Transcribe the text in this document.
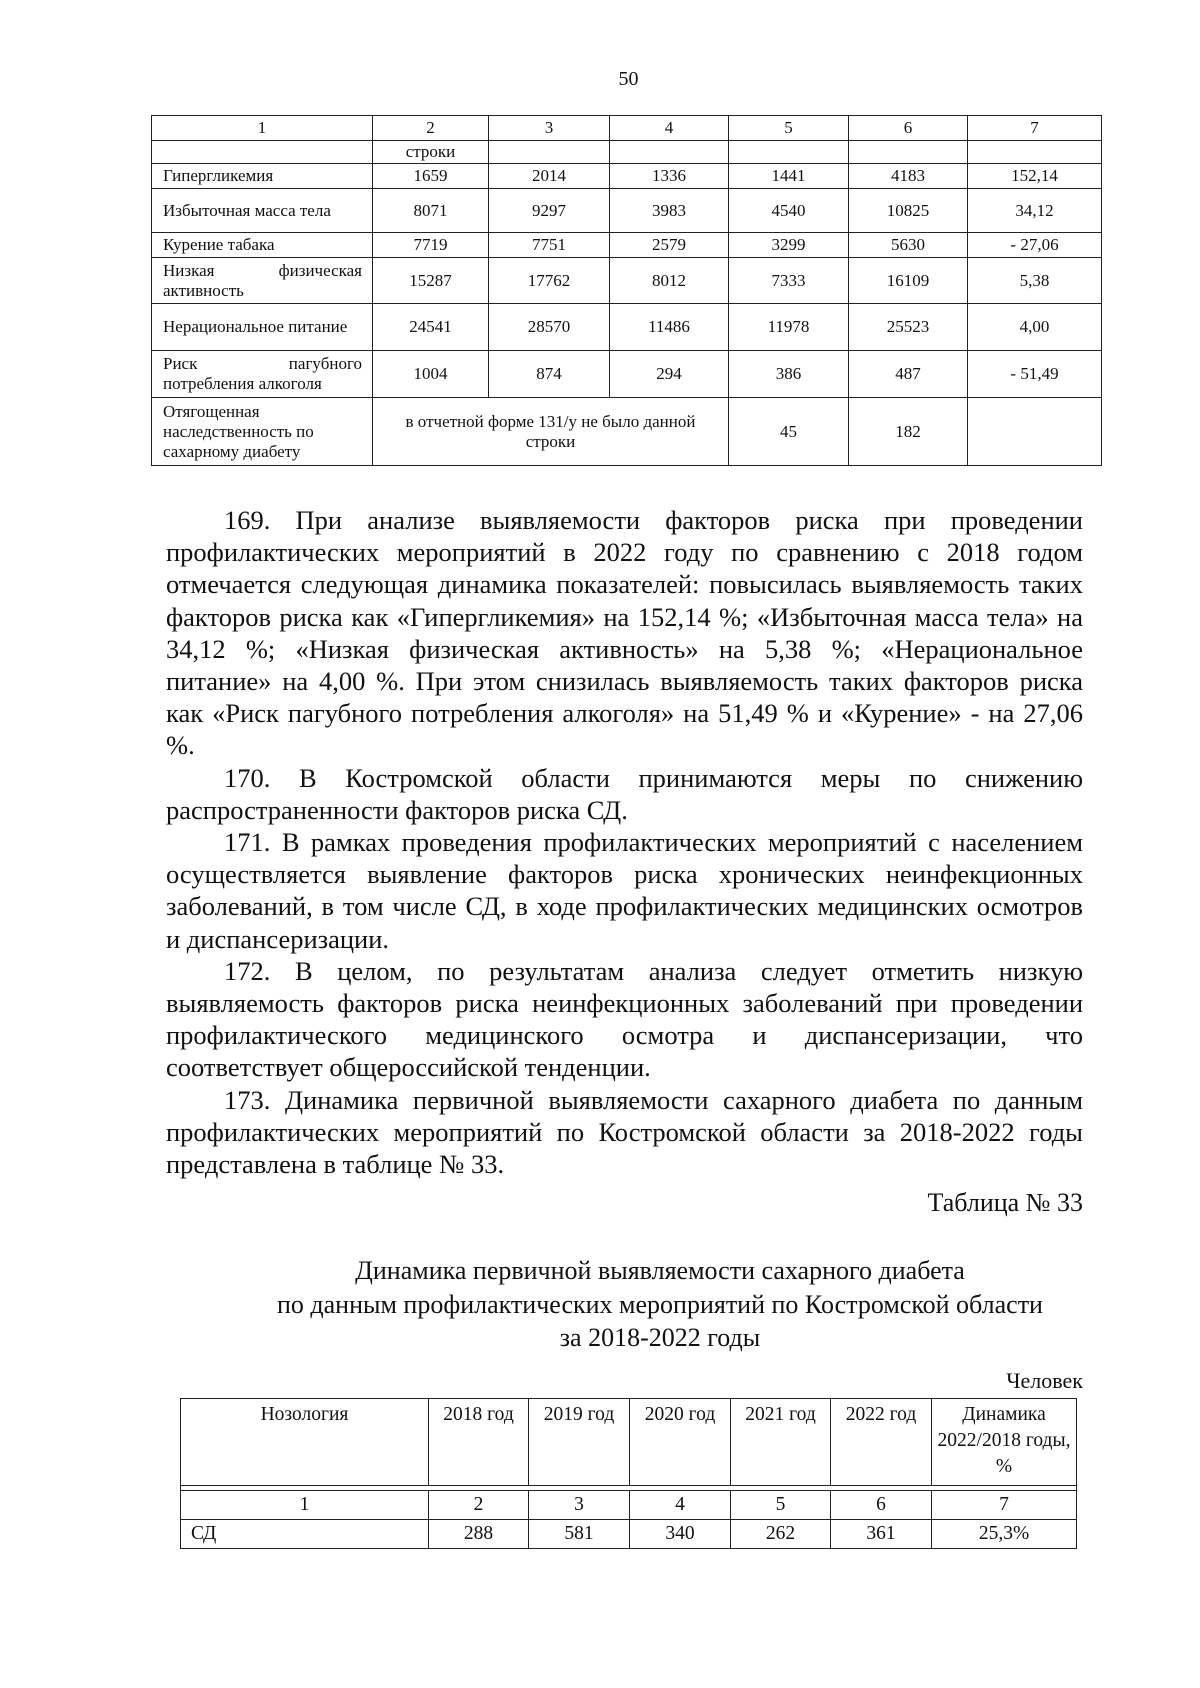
50
1	2	3	4	5	6	7
	строки					
Гипергликемия	1659	2014	1336	1441	4183	152,14
Избыточная масса тела	8071	9297	3983	4540	10825	34,12
Курение табака	7719	7751	2579	3299	5630	- 27,06
Низкая физическая активность	15287	17762	8012	7333	16109	5,38
Нерациональное питание	24541	28570	11486	11978	25523	4,00
Риск пагубного потребления алкоголя	1004	874	294	386	487	- 51,49
Отягощенная наследственность по сахарному диабету	в отчетной форме 131/у не было данной строки			45	182	

169. При анализе выявляемости факторов риска при проведении профилактических мероприятий в 2022 году по сравнению с 2018 годом отмечается следующая динамика показателей: повысилась выявляемость таких факторов риска как «Гипергликемия» на 152,14 %; «Избыточная масса тела» на 34,12 %; «Низкая физическая активность» на 5,38 %; «Нерациональное питание» на 4,00 %. При этом снизилась выявляемость таких факторов риска как «Риск пагубного потребления алкоголя» на 51,49 % и «Курение» - на 27,06 %.

170. В Костромской области принимаются меры по снижению распространенности факторов риска СД.

171. В рамках проведения профилактических мероприятий с населением осуществляется выявление факторов риска хронических неинфекционных заболеваний, в том числе СД, в ходе профилактических медицинских осмотров и диспансеризации.

172. В целом, по результатам анализа следует отметить низкую выявляемость факторов риска неинфекционных заболеваний при проведении профилактического медицинского осмотра и диспансеризации, что соответствует общероссийской тенденции.

173. Динамика первичной выявляемости сахарного диабета по данным профилактических мероприятий по Костромской области за 2018-2022 годы представлена в таблице № 33.

Таблица № 33
Динамика первичной выявляемости сахарного диабета
по данным профилактических мероприятий по Костромской области
за 2018-2022 годы
Человек
Нозология	2018 год	2019 год	2020 год	2021 год	2022 год	Динамика 2022/2018 годы, %

1	2	3	4	5	6	7
СД	288	581	340	262	361	25,3%
